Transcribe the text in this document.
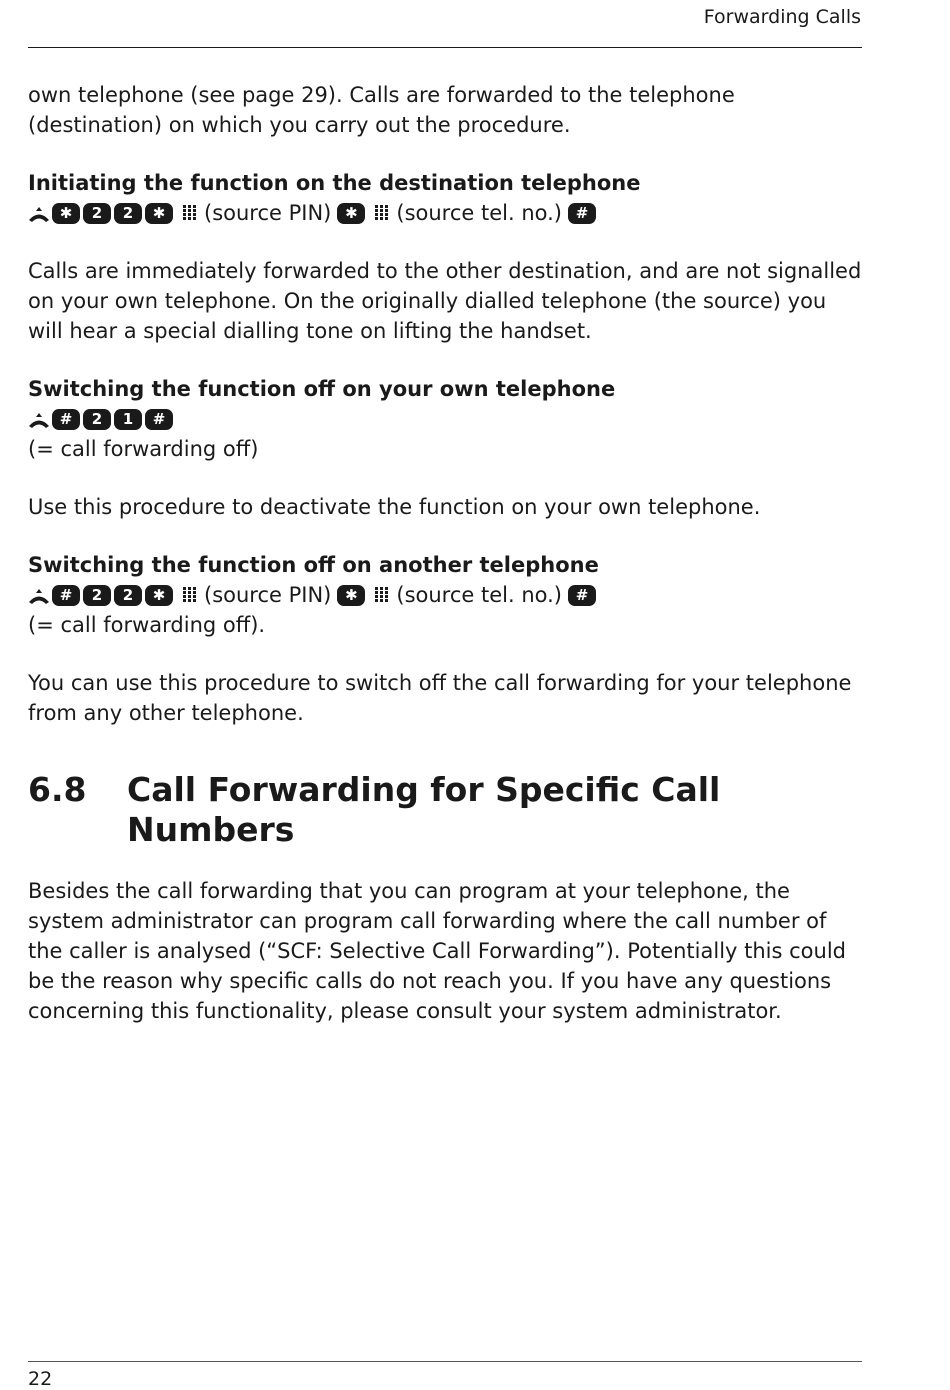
Forwarding Calls

own telephone (see page 29). Calls are forwarded to the telephone (destination) on which you carry out the procedure.

Initiating the function on the destination telephone
✱	2	2	✱	(source PIN) ✱	(source tel. no.) #

Calls are immediately forwarded to the other destination, and are not signalled on your own telephone. On the originally dialled telephone (the source) you will hear a special dialling tone on lifting the handset.

Switching the function off on your own telephone
#	2	1	#

(= call forwarding off)

Use this procedure to deactivate the function on your own telephone.

Switching the function off on another telephone
#	2	2	✱	(source PIN) ✱	(source tel. no.) #

(= call forwarding off).

You can use this procedure to switch off the call forwarding for your telephone from any other telephone.

6.8	Call Forwarding for Specific Call Numbers

Besides the call forwarding that you can program at your telephone, the system administrator can program call forwarding where the call number of the caller is analysed (“SCF: Selective Call Forwarding”). Potentially this could be the reason why specific calls do not reach you. If you have any questions concerning this functionality, please consult your system administrator.

22
